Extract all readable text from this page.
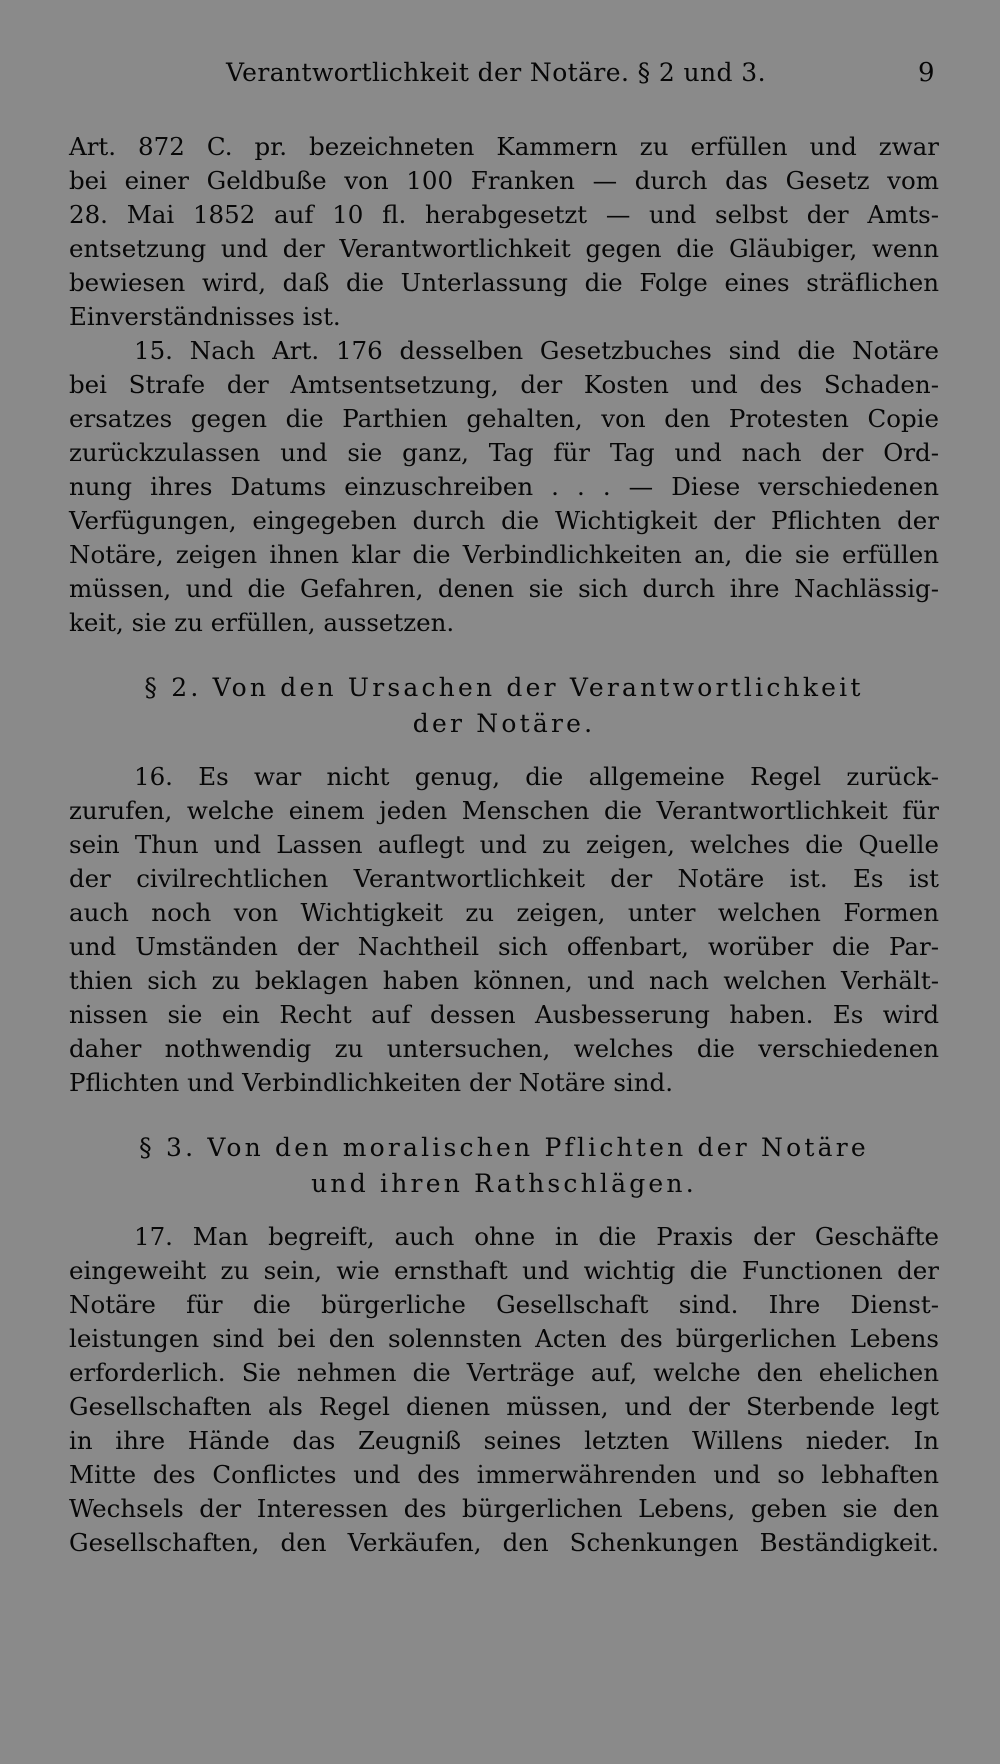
Verantwortlichkeit der Notäre. § 2 und 3.	9
Art. 872 C. pr. bezeichneten Kammern zu erfüllen und zwar
bei einer Geldbuße von 100 Franken — durch das Gesetz vom
28. Mai 1852 auf 10 fl. herabgesetzt — und selbst der Amts-
entsetzung und der Verantwortlichkeit gegen die Gläubiger, wenn
bewiesen wird, daß die Unterlassung die Folge eines sträflichen
Einverständnisses ist.
15. Nach Art. 176 desselben Gesetzbuches sind die Notäre
bei Strafe der Amtsentsetzung, der Kosten und des Schaden-
ersatzes gegen die Parthien gehalten, von den Protesten Copie
zurückzulassen und sie ganz, Tag für Tag und nach der Ord-
nung ihres Datums einzuschreiben . . . — Diese verschiedenen
Verfügungen, eingegeben durch die Wichtigkeit der Pflichten der
Notäre, zeigen ihnen klar die Verbindlichkeiten an, die sie erfüllen
müssen, und die Gefahren, denen sie sich durch ihre Nachlässig-
keit, sie zu erfüllen, aussetzen.
§ 2. Von den Ursachen der Verantwortlichkeit
der Notäre.
16. Es war nicht genug, die allgemeine Regel zurück-
zurufen, welche einem jeden Menschen die Verantwortlichkeit für
sein Thun und Lassen auflegt und zu zeigen, welches die Quelle
der civilrechtlichen Verantwortlichkeit der Notäre ist. Es ist
auch noch von Wichtigkeit zu zeigen, unter welchen Formen
und Umständen der Nachtheil sich offenbart, worüber die Par-
thien sich zu beklagen haben können, und nach welchen Verhält-
nissen sie ein Recht auf dessen Ausbesserung haben. Es wird
daher nothwendig zu untersuchen, welches die verschiedenen
Pflichten und Verbindlichkeiten der Notäre sind.
§ 3. Von den moralischen Pflichten der Notäre
und ihren Rathschlägen.
17. Man begreift, auch ohne in die Praxis der Geschäfte
eingeweiht zu sein, wie ernsthaft und wichtig die Functionen der
Notäre für die bürgerliche Gesellschaft sind. Ihre Dienst-
leistungen sind bei den solennsten Acten des bürgerlichen Lebens
erforderlich. Sie nehmen die Verträge auf, welche den ehelichen
Gesellschaften als Regel dienen müssen, und der Sterbende legt
in ihre Hände das Zeugniß seines letzten Willens nieder. In
Mitte des Conflictes und des immerwährenden und so lebhaften
Wechsels der Interessen des bürgerlichen Lebens, geben sie den
Gesellschaften, den Verkäufen, den Schenkungen Beständigkeit.
